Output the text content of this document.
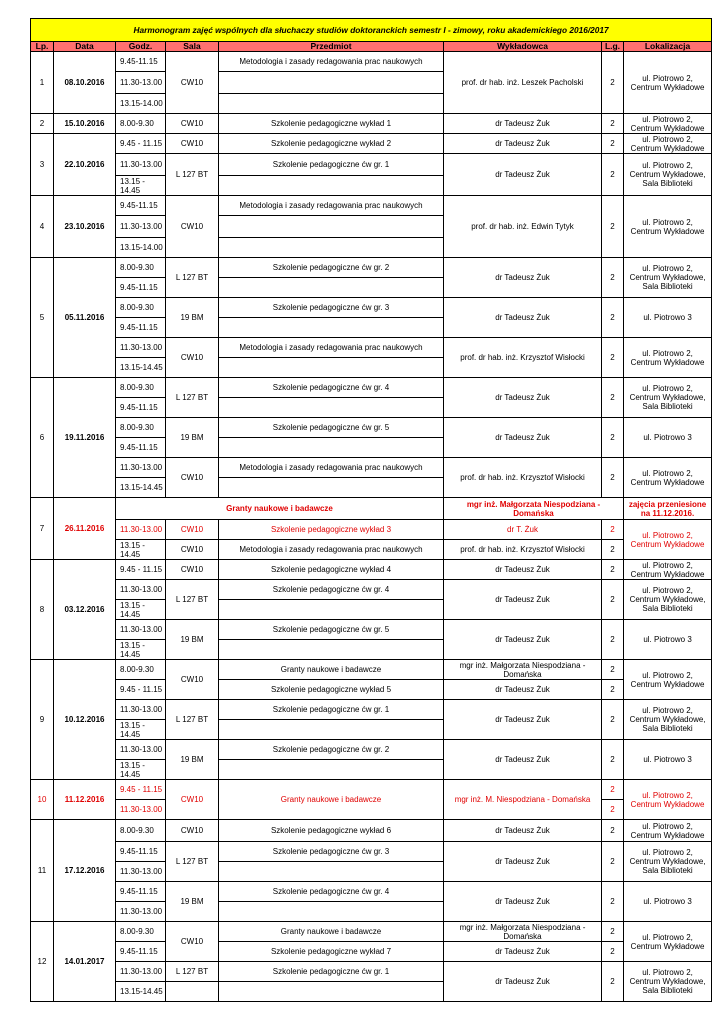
Harmonogram zajęć wspólnych dla słuchaczy studiów doktoranckich semestr I - zimowy, roku akademickiego 2016/2017								
Lp.	Data	Godz.	Sala	Przedmiot	Wykładowca	L.g.	Lokalizacja	
1	08.10.2016	9.45-11.15	CW10	Metodologia i zasady redagowania prac naukowych	prof. dr hab. inż. Leszek Pacholski	2	ul. Piotrowo 2, Centrum Wykładowe	
		11.30-13.00					
		13.15-14.00					
2	15.10.2016	8.00-9.30	CW10	Szkolenie pedagogiczne wykład 1	dr Tadeusz Żuk	2	ul. Piotrowo 2, Centrum Wykładowe	
3	22.10.2016	9.45 - 11.15	CW10	Szkolenie pedagogiczne wykład 2	dr Tadeusz Żuk	2	ul. Piotrowo 2, Centrum Wykładowe	
		11.30-13.00	L 127 BT	Szkolenie pedagogiczne ćw gr. 1	dr Tadeusz Żuk	2	ul. Piotrowo 2, Centrum Wykładowe, Sala Biblioteki	
		13.15 - 14.45					
4	23.10.2016	9.45-11.15	CW10	Metodologia i zasady redagowania prac naukowych	prof. dr hab. inż. Edwin Tytyk	2	ul. Piotrowo 2, Centrum Wykładowe	
		11.30-13.00					
		13.15-14.00					
5	05.11.2016	8.00-9.30	L 127 BT	Szkolenie pedagogiczne ćw gr. 2	dr Tadeusz Żuk	2	ul. Piotrowo 2, Centrum Wykładowe, Sala Biblioteki	
		9.45-11.15						
		8.00-9.30	19 BM	Szkolenie pedagogiczne ćw gr. 3	dr Tadeusz Żuk	2	ul. Piotrowo 3	
		9.45-11.15						
		11.30-13.00	CW10	Metodologia i zasady redagowania prac naukowych	prof. dr hab. inż. Krzysztof Wisłocki	2	ul. Piotrowo 2, Centrum Wykładowe	
		13.15-14.45						
6	19.11.2016	8.00-9.30	L 127 BT	Szkolenie pedagogiczne ćw gr. 4	dr Tadeusz Żuk	2	ul. Piotrowo 2, Centrum Wykładowe, Sala Biblioteki	
		9.45-11.15						
		8.00-9.30	19 BM	Szkolenie pedagogiczne ćw gr. 5	dr Tadeusz Żuk	2	ul. Piotrowo 3	
		9.45-11.15						
		11.30-13.00	CW10	Metodologia i zasady redagowania prac naukowych	prof. dr hab. inż. Krzysztof Wisłocki	2	ul. Piotrowo 2, Centrum Wykładowe	
		13.15-14.45						
7	26.11.2016	Granty naukowe i badawcze			mgr inż. Małgorzata Niespodziana - Domańska		zajęcia przeniesione na 11.12.2016.	
		11.30-13.00	CW10	Szkolenie pedagogiczne wykład 3	dr T. Żuk	2	ul. Piotrowo 2, Centrum Wykładowe	
		13.15 - 14.45	CW10	Metodologia i zasady redagowania prac naukowych	prof. dr hab. inż. Krzysztof Wisłocki	2		
8	03.12.2016	9.45 - 11.15	CW10	Szkolenie pedagogiczne wykład 4	dr Tadeusz Żuk	2	ul. Piotrowo 2, Centrum Wykładowe	
		11.30-13.00	L 127 BT	Szkolenie pedagogiczne ćw gr. 4	dr Tadeusz Żuk	2	ul. Piotrowo 2, Centrum Wykładowe, Sala Biblioteki	
		13.15 - 14.45						
		11.30-13.00	19 BM	Szkolenie pedagogiczne ćw gr. 5	dr Tadeusz Żuk	2	ul. Piotrowo 3	
		13.15 - 14.45						
9	10.12.2016	8.00-9.30	CW10	Granty naukowe i badawcze	mgr inż. Małgorzata Niespodziana - Domańska	2	ul. Piotrowo 2, Centrum Wykładowe	
		9.45 - 11.15		Szkolenie pedagogiczne wykład 5	dr Tadeusz Żuk	2		
		11.30-13.00	L 127 BT	Szkolenie pedagogiczne ćw gr. 1	dr Tadeusz Żuk	2	ul. Piotrowo 2, Centrum Wykładowe, Sala Biblioteki	
		13.15 - 14.45						
		11.30-13.00	19 BM	Szkolenie pedagogiczne ćw gr. 2	dr Tadeusz Żuk	2	ul. Piotrowo 3	
		13.15 - 14.45						
10	11.12.2016	9.45 - 11.15	CW10	Granty naukowe i badawcze	mgr inż. M. Niespodziana - Domańska	2	ul. Piotrowo 2, Centrum Wykładowe	
		11.30-13.00				2		
11	17.12.2016	8.00-9.30	CW10	Szkolenie pedagogiczne wykład 6	dr Tadeusz Żuk	2	ul. Piotrowo 2, Centrum Wykładowe	
		9.45-11.15	L 127 BT	Szkolenie pedagogiczne ćw gr. 3	dr Tadeusz Żuk	2	ul. Piotrowo 2, Centrum Wykładowe, Sala Biblioteki	
		11.30-13.00						
		9.45-11.15	19 BM	Szkolenie pedagogiczne ćw gr. 4	dr Tadeusz Żuk	2	ul. Piotrowo 3	
		11.30-13.00						
12	14.01.2017	8.00-9.30	CW10	Granty naukowe i badawcze	mgr inż. Małgorzata Niespodziana - Domańska	2	ul. Piotrowo 2, Centrum Wykładowe	
		9.45-11.15		Szkolenie pedagogiczne wykład 7	dr Tadeusz Żuk	2		
		11.30-13.00	L 127 BT	Szkolenie pedagogiczne ćw gr. 1	dr Tadeusz Żuk	2	ul. Piotrowo 2, Centrum Wykładowe, Sala Biblioteki	
		13.15-14.45						
